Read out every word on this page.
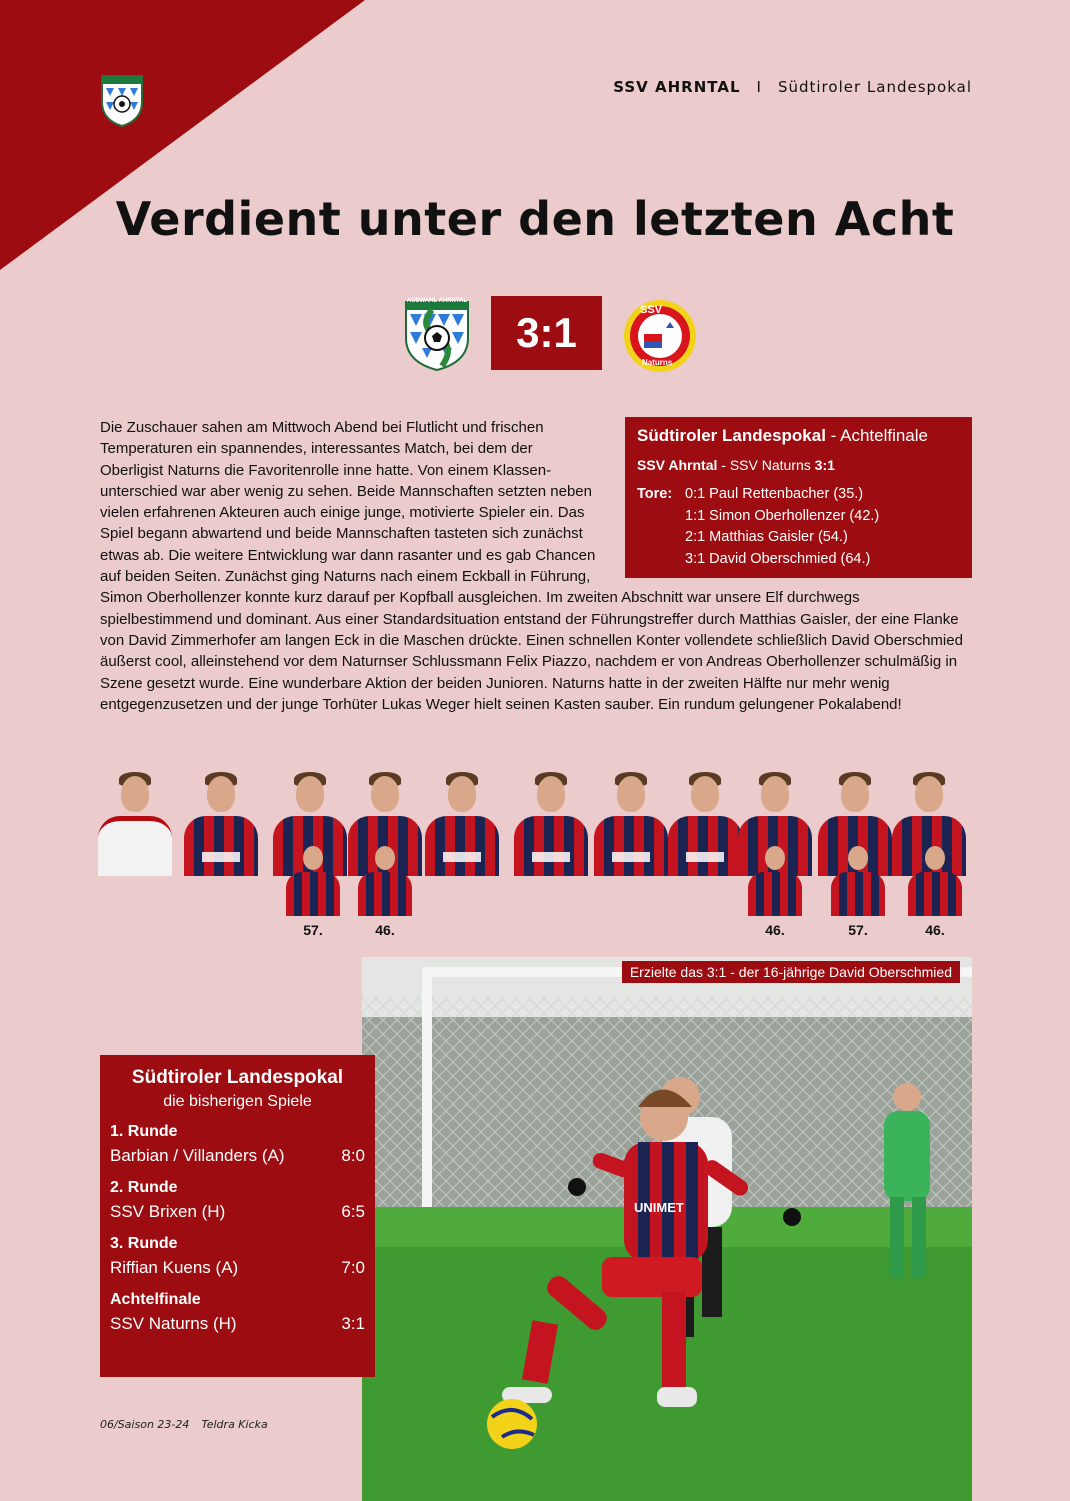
SSV AHRNTAL I Südtiroler Landespokal
Verdient unter den letzten Acht
AUSWAHL AHRNTAL
3:1	SSV
Naturns
Südtiroler Landespokal - Achtelfinale
SSV Ahrntal - SSV Naturns 3:1
Tore: 0:1 Paul Rettenbacher (35.)
1:1 Simon Oberhollenzer (42.)
2:1 Matthias Gaisler (54.)
3:1 David Oberschmied (64.)

Die Zuschauer sahen am Mittwoch Abend bei Flutlicht und frischen Temperaturen ein spannendes, interessantes Match, bei dem der Oberligist Naturns die Favoritenrolle inne hatte. Von einem Klassen-unterschied war aber wenig zu sehen. Beide Mannschaften setzten neben vielen erfahrenen Akteuren auch einige junge, motivierte Spieler ein. Das Spiel begann abwartend und beide Mannschaften tasteten sich zunächst etwas ab. Die weitere Entwicklung war dann rasanter und es gab Chancen auf beiden Seiten. Zunächst ging Naturns nach einem Eckball in Führung, Simon Oberhollenzer konnte kurz darauf per Kopfball ausgleichen. Im zweiten Abschnitt war unsere Elf durchwegs spielbestimmend und dominant. Aus einer Standardsituation entstand der Führungstreffer durch Matthias Gaisler, der eine Flanke von David Zimmerhofer am langen Eck in die Maschen drückte. Einen schnellen Konter vollendete schließlich David Oberschmied äußerst cool, alleinstehend vor dem Naturnser Schlussmann Felix Piazzo, nachdem er von Andreas Oberhollenzer schulmäßig in Szene gesetzt wurde. Eine wunderbare Aktion der beiden Junioren. Naturns hatte in der zweiten Hälfte nur mehr wenig entgegenzusetzen und der junge Torhüter Lukas Weger hielt seinen Kasten sauber. Ein rundum gelungener Pokalabend!

57.	46.	46.	57.	46.
UNIMET
Erzielte das 3:1 - der 16-jährige David Oberschmied
Südtiroler Landespokal
die bisherigen Spiele
1. Runde
Barbian / Villanders (A)	8:0
2. Runde
SSV Brixen (H)	6:5
3. Runde
Riffian Kuens (A)	7:0
Achtelfinale
SSV Naturns (H)	3:1
06/Saison 23-24 Teldra Kicka
